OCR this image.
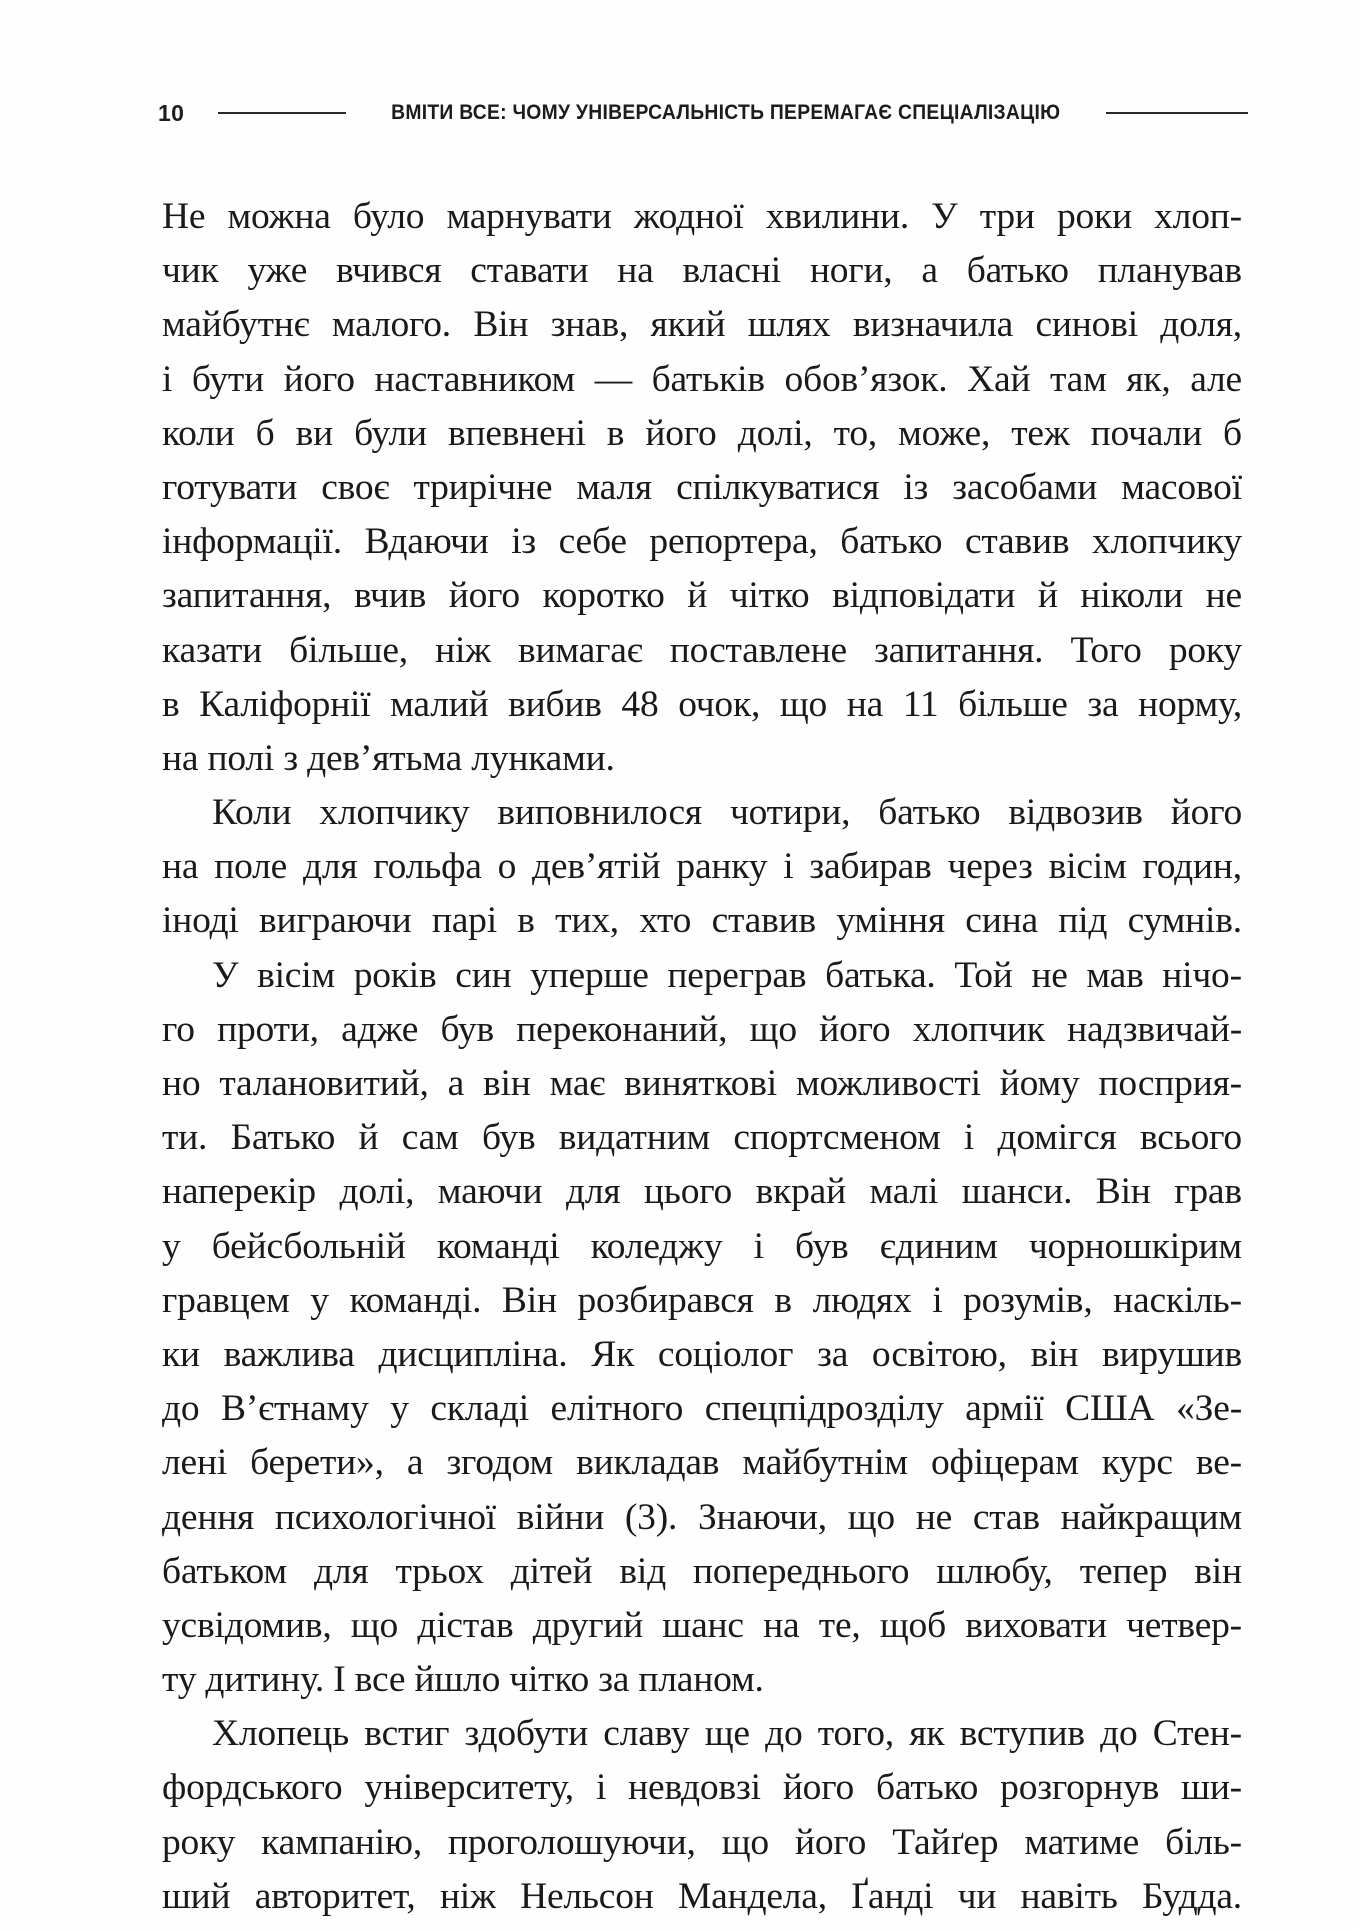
10	ВМІТИ ВСЕ: ЧОМУ УНІВЕРСАЛЬНІСТЬ ПЕРЕМАГАЄ СПЕЦІАЛІЗАЦІЮ
Не можна було марнувати жодної хвилини. У три роки хлоп-
чик уже вчився ставати на власні ноги, а батько планував
майбутнє малого. Він знав, який шлях визначила синові доля,
і бути його наставником — батьків обов’язок. Хай там як, але
коли б ви були впевнені в його долі, то, може, теж почали б
готувати своє трирічне маля спілкуватися із засобами масової
інформації. Вдаючи із себе репортера, батько ставив хлопчику
запитання, вчив його коротко й чітко відповідати й ніколи не
казати більше, ніж вимагає поставлене запитання. Того року
в Каліфорнії малий вибив 48 очок, що на 11 більше за норму,
на полі з дев’ятьма лунками.
Коли хлопчику виповнилося чотири, батько відвозив його
на поле для гольфа о дев’ятій ранку і забирав через вісім годин,
іноді виграючи парі в тих, хто ставив уміння сина під сумнів.
У вісім років син уперше переграв батька. Той не мав нічо-
го проти, адже був переконаний, що його хлопчик надзвичай-
но талановитий, а він має виняткові можливості йому посприя-
ти. Батько й сам був видатним спортсменом і домігся всього
наперекір долі, маючи для цього вкрай малі шанси. Він грав
у бейсбольній команді коледжу і був єдиним чорношкірим
гравцем у команді. Він розбирався в людях і розумів, наскіль-
ки важлива дисципліна. Як соціолог за освітою, він вирушив
до В’єтнаму у складі елітного спецпідрозділу армії США «Зе-
лені берети», а згодом викладав майбутнім офіцерам курс ве-
дення психологічної війни (3). Знаючи, що не став найкращим
батьком для трьох дітей від попереднього шлюбу, тепер він
усвідомив, що дістав другий шанс на те, щоб виховати четвер-
ту дитину. І все йшло чітко за планом.
Хлопець встиг здобути славу ще до того, як вступив до Стен-
фордського університету, і невдовзі його батько розгорнув ши-
року кампанію, проголошуючи, що його Тайґер матиме біль-
ший авторитет, ніж Нельсон Мандела, Ґанді чи навіть Будда.
